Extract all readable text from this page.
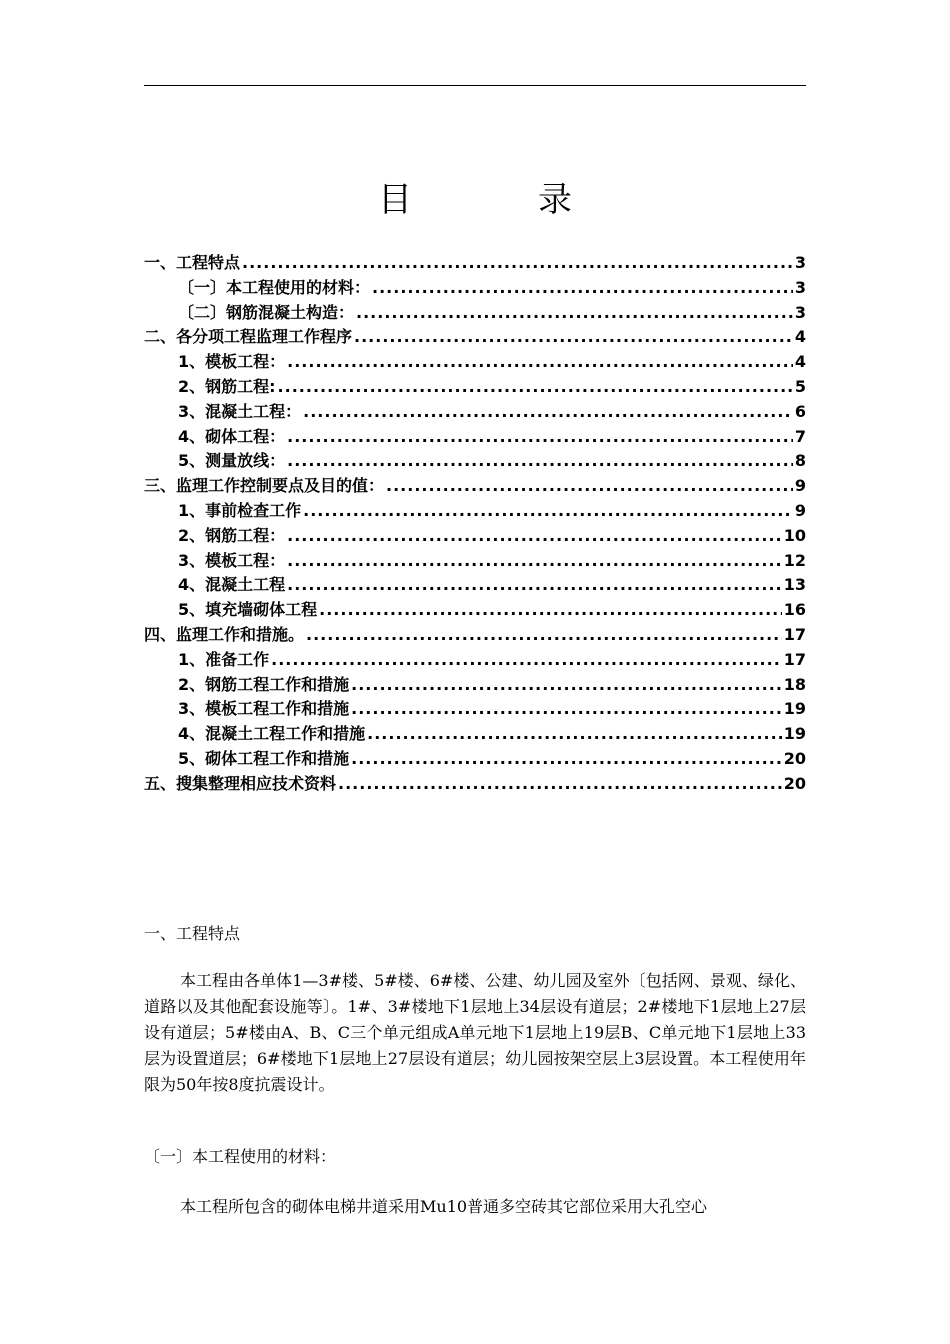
目　录
一、工程特点 .....	3
〔一〕本工程使用的材料： .....	3
〔二〕钢筋混凝土构造： .....	3
二、各分项工程监理工作程序 .....	4
1、模板工程： .....	4
2、钢筋工程: .....	5
3、混凝土工程： .....	6
4、砌体工程： .....	7
5、测量放线： .....	8
三、监理工作控制要点及目的值： .....	9
1、事前检查工作 .....	9
2、钢筋工程： .....	10
3、模板工程： .....	12
4、混凝土工程 .....	13
5、填充墙砌体工程 .....	16
四、监理工作和措施。 .....	17
1、准备工作 .....	17
2、钢筋工程工作和措施 .....	18
3、模板工程工作和措施 .....	19
4、混凝土工程工作和措施 .....	19
5、砌体工程工作和措施 .....	20
五、搜集整理相应技术资料 .....	20
一、工程特点
本工程由各单体1—3#楼、5#楼、6#楼、公建、幼儿园及室外〔包括网、景观、绿化、道路以及其他配套设施等〕。1#、3#楼地下1层地上34层设有道层；2#楼地下1层地上27层设有道层；5#楼由A、B、C三个单元组成A单元地下1层地上19层B、C单元地下1层地上33层为设置道层；6#楼地下1层地上27层设有道层；幼儿园按架空层上3层设置。本工程使用年限为50年按8度抗震设计。
〔一〕本工程使用的材料：
本工程所包含的砌体电梯井道采用Mu10普通多空砖其它部位采用大孔空心
